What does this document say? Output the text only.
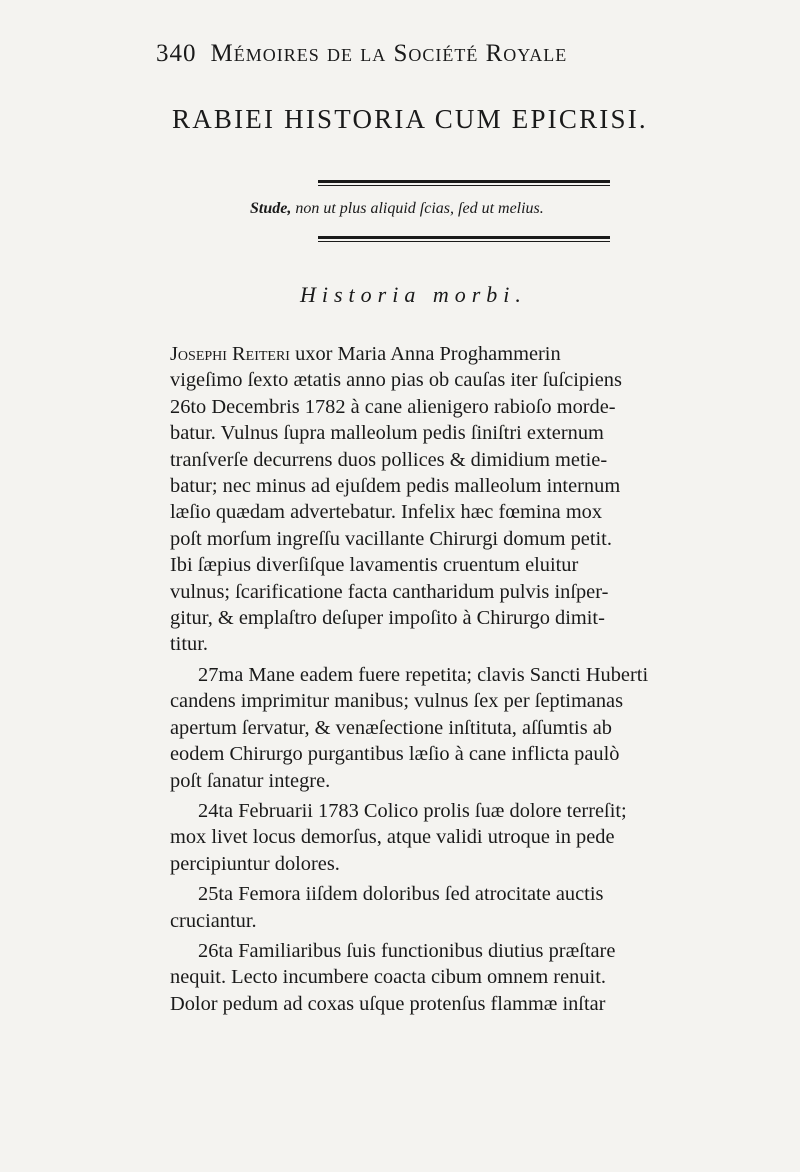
340 Mémoires de la Société Royale
RABIEI HISTORIA CUM EPICRISI.
Stude, non ut plus aliquid ſcias, ſed ut melius.
Historia morbi.

Josephi Reiteri uxor Maria Anna Proghammerin
vigeſimo ſexto ætatis anno pias ob cauſas iter ſuſcipiens
26to Decembris 1782 à cane alienigero rabioſo morde-
batur. Vulnus ſupra malleolum pedis ſiniſtri externum
tranſverſe decurrens duos pollices & dimidium metie-
batur; nec minus ad ejuſdem pedis malleolum internum
læſio quædam advertebatur. Infelix hæc fœmina mox
poſt morſum ingreſſu vacillante Chirurgi domum petit.
Ibi ſæpius diverſiſque lavamentis cruentum eluitur
vulnus; ſcarificatione facta cantharidum pulvis inſper-
gitur, & emplaſtro deſuper impoſito à Chirurgo dimit-
titur.

27ma Mane eadem fuere repetita; clavis Sancti Huberti
candens imprimitur manibus; vulnus ſex per ſeptimanas
apertum ſervatur, & venæſectione inſtituta, aſſumtis ab
eodem Chirurgo purgantibus læſio à cane inflicta paulò
poſt ſanatur integre.

24ta Februarii 1783 Colico prolis ſuæ dolore terreſit;
mox livet locus demorſus, atque validi utroque in pede
percipiuntur dolores.

25ta Femora iiſdem doloribus ſed atrocitate auctis
cruciantur.

26ta Familiaribus ſuis functionibus diutius præſtare
nequit. Lecto incumbere coacta cibum omnem renuit.
Dolor pedum ad coxas uſque protenſus flammæ inſtar
